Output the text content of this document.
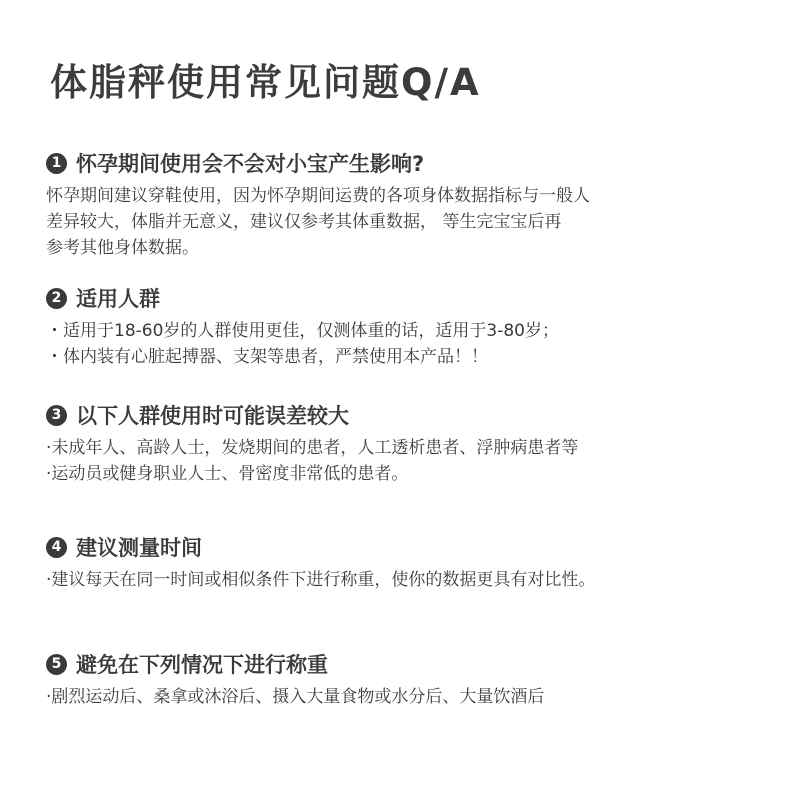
体脂秤使用常见问题Q/A
1 怀孕期间使用会不会对小宝产生影响?
怀孕期间建议穿鞋使用，因为怀孕期间运费的各项身体数据指标与一般人
差异较大，体脂并无意义，建议仅参考其体重数据， 等生完宝宝后再
参考其他身体数据。
2 适用人群
・适用于18-60岁的人群使用更佳，仅测体重的话，适用于3-80岁；
・体内装有心脏起搏器、支架等患者，严禁使用本产品！！
3 以下人群使用时可能误差较大
·未成年人、高龄人士，发烧期间的患者，人工透析患者、浮肿病患者等
·运动员或健身职业人士、骨密度非常低的患者。
4 建议测量时间
·建议每天在同一时间或相似条件下进行称重，使你的数据更具有对比性。
5 避免在下列情况下进行称重
·剧烈运动后、桑拿或沐浴后、摄入大量食物或水分后、大量饮酒后
